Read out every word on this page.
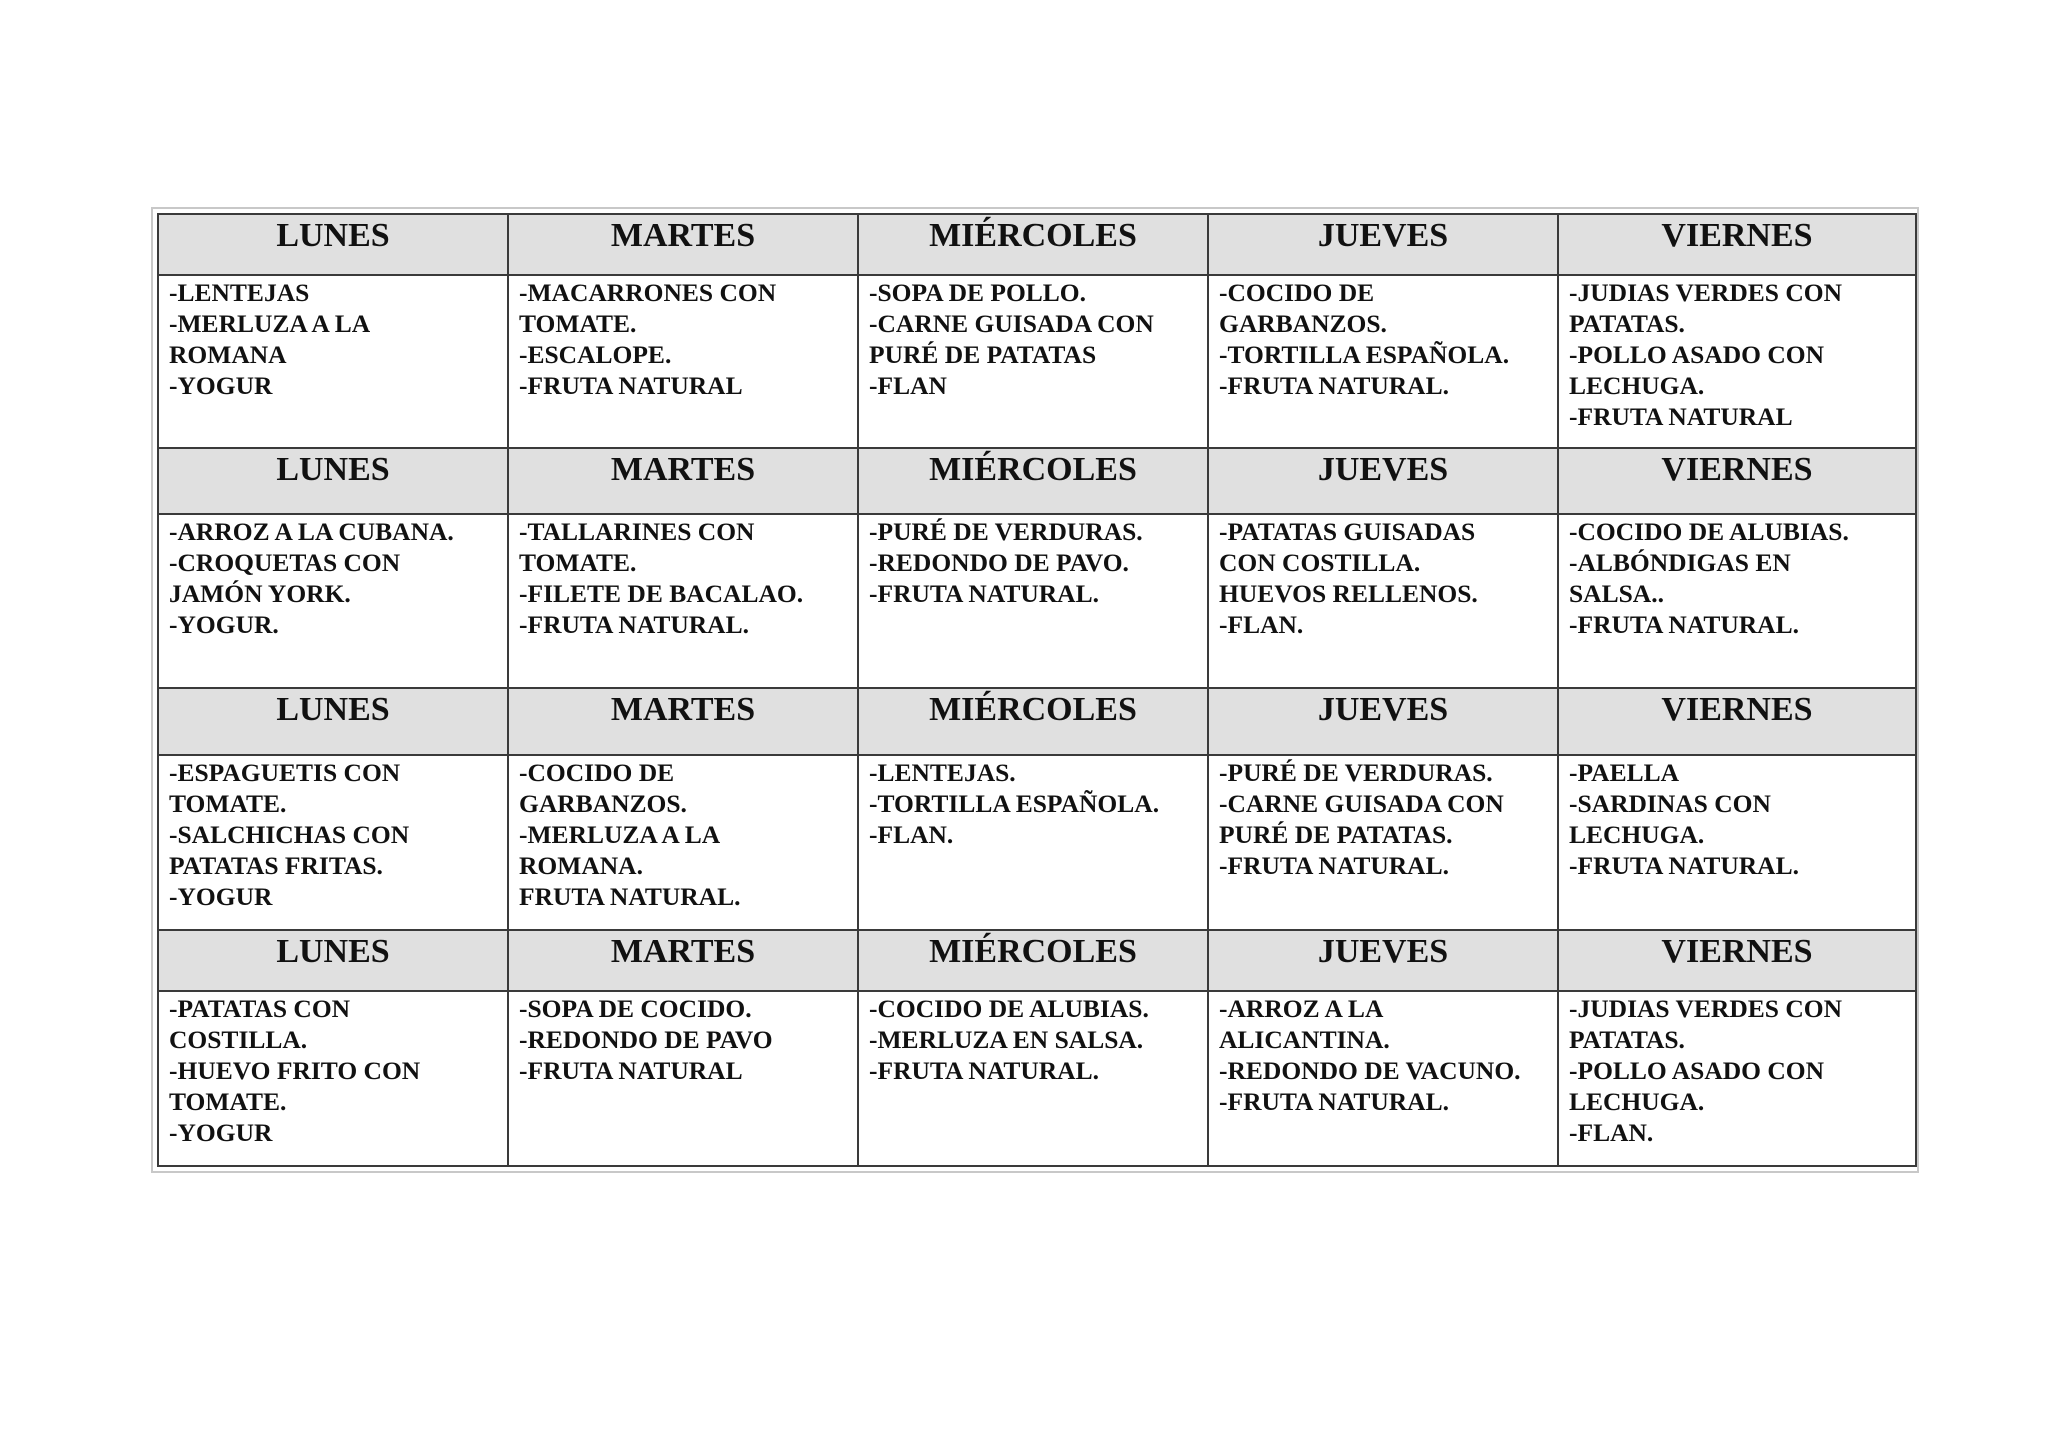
LUNES	MARTES	MIÉRCOLES	JUEVES	VIERNES

-LENTEJAS
-MERLUZA A LA
ROMANA
-YOGUR	-MACARRONES CON
TOMATE.
-ESCALOPE.
-FRUTA NATURAL	-SOPA DE POLLO.
-CARNE GUISADA CON
PURÉ DE PATATAS
-FLAN	-COCIDO DE
GARBANZOS.
-TORTILLA ESPAÑOLA.
-FRUTA NATURAL.	-JUDIAS VERDES CON
PATATAS.
-POLLO ASADO CON
LECHUGA.
-FRUTA NATURAL

LUNES	MARTES	MIÉRCOLES	JUEVES	VIERNES

-ARROZ A LA CUBANA.
-CROQUETAS CON
JAMÓN YORK.
-YOGUR.	-TALLARINES CON
TOMATE.
-FILETE DE BACALAO.
-FRUTA NATURAL.	-PURÉ DE VERDURAS.
-REDONDO DE PAVO.
-FRUTA NATURAL.	-PATATAS GUISADAS
CON COSTILLA.
HUEVOS RELLENOS.
-FLAN.	-COCIDO DE ALUBIAS.
-ALBÓNDIGAS EN
SALSA..
-FRUTA NATURAL.

LUNES	MARTES	MIÉRCOLES	JUEVES	VIERNES

-ESPAGUETIS CON
TOMATE.
-SALCHICHAS CON
PATATAS FRITAS.
-YOGUR	-COCIDO DE
GARBANZOS.
-MERLUZA A LA
ROMANA.
FRUTA NATURAL.	-LENTEJAS.
-TORTILLA ESPAÑOLA.
-FLAN.	-PURÉ DE VERDURAS.
-CARNE GUISADA CON
PURÉ DE PATATAS.
-FRUTA NATURAL.	-PAELLA
-SARDINAS CON
LECHUGA.
-FRUTA NATURAL.

LUNES	MARTES	MIÉRCOLES	JUEVES	VIERNES

-PATATAS CON
COSTILLA.
-HUEVO FRITO CON
TOMATE.
-YOGUR	-SOPA DE COCIDO.
-REDONDO DE PAVO
-FRUTA NATURAL	-COCIDO DE ALUBIAS.
-MERLUZA EN SALSA.
-FRUTA NATURAL.	-ARROZ A LA
ALICANTINA.
-REDONDO DE VACUNO.
-FRUTA NATURAL.	-JUDIAS VERDES CON
PATATAS.
-POLLO ASADO CON
LECHUGA.
-FLAN.
